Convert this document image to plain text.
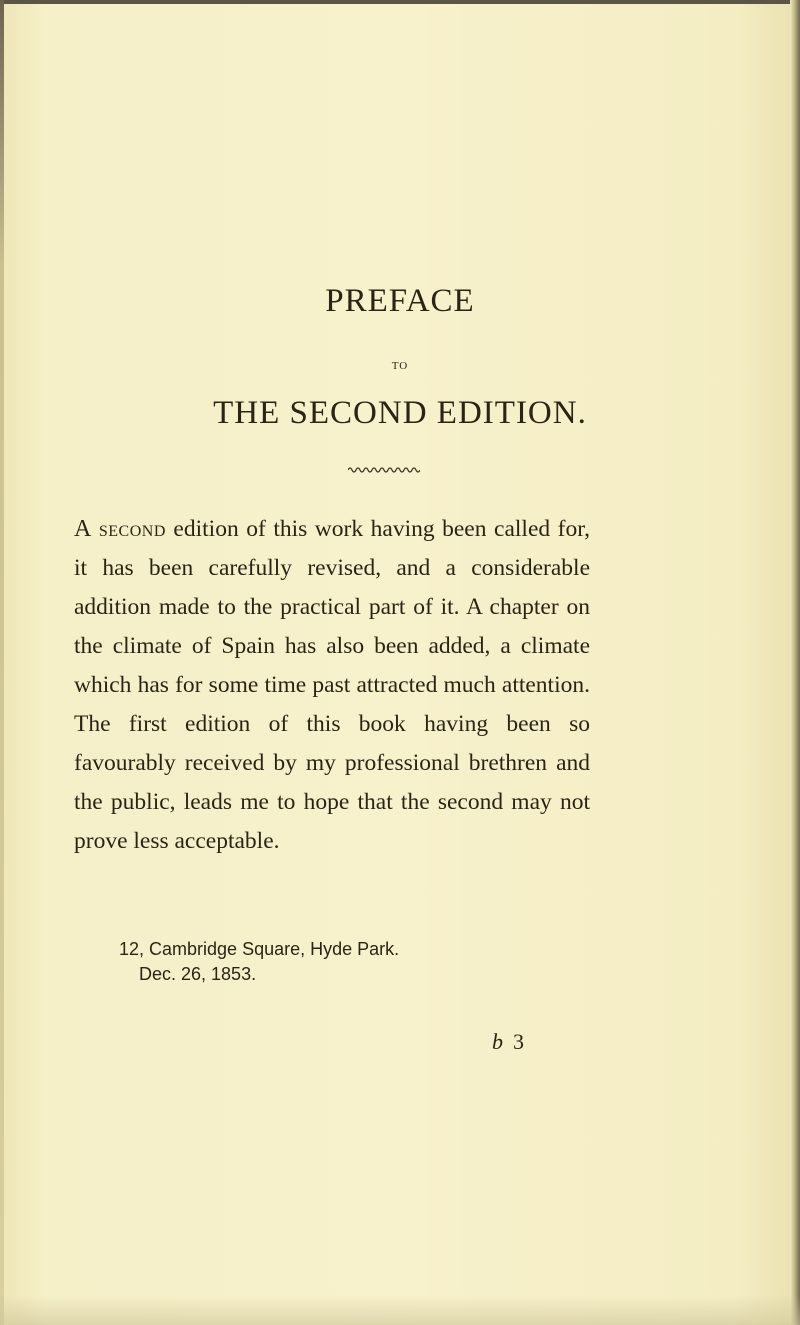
PREFACE
TO
THE SECOND EDITION.

A second edition of this work having been called for, it has been carefully revised, and a considerable addition made to the practical part of it. A chapter on the climate of Spain has also been added, a climate which has for some time past attracted much attention. The first edition of this book having been so favourably received by my professional brethren and the public, leads me to hope that the second may not prove less acceptable.

12, Cambridge Square, Hyde Park.
Dec. 26, 1853.
b 3
